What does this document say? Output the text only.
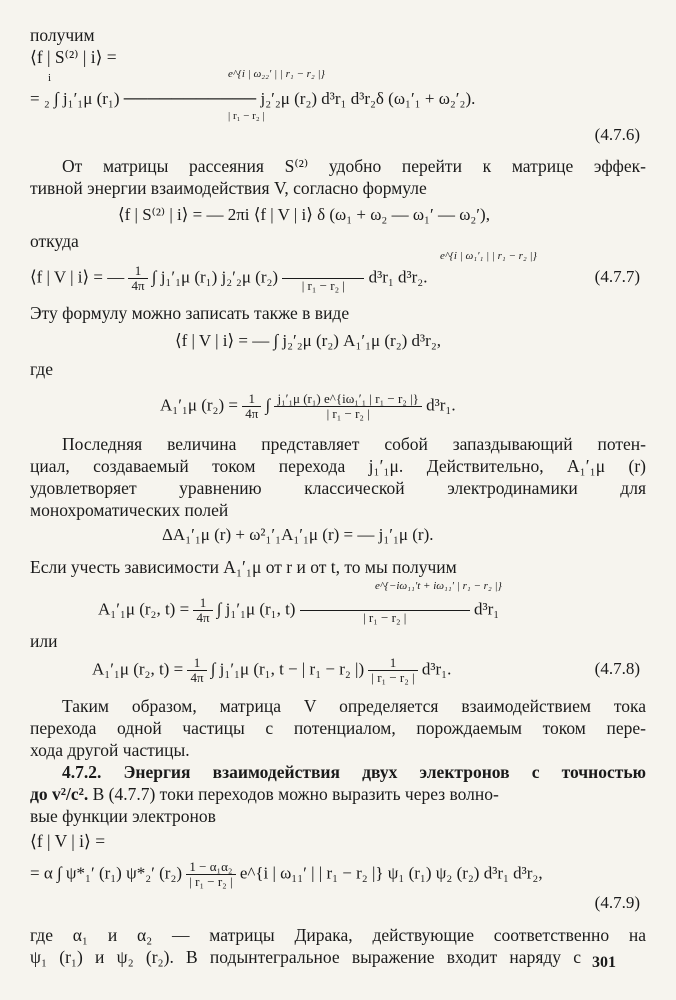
получим
⟨f | S⁽²⁾ | i⟩ =
i	e^{i | ω₂₂′ | | r₁ − r₂ |}
= ₂ ∫ j₁′₁μ (r₁) ─────────── j₂′₂μ (r₂) d³r₁ d³r₂δ (ω₁′₁ + ω₂′₂).
| r₁ − r₂ |
(4.7.6)
От матрицы рассеяния S⁽²⁾ удобно перейти к матрице эффек-
тивной энергии взаимодействия V, согласно формуле
⟨f | S⁽²⁾ | i⟩ = — 2πi ⟨f | V | i⟩ δ (ω₁ + ω₂ — ω₁′ — ω₂′),
откуда
e^{i | ω₁′₁ | | r₁ − r₂ |}
⟨f | V | i⟩ = — $\frac{1}{4\pi}$ ∫ j₁′₁μ (r₁) j₂′₂μ (r₂)
	| r₁ − r₂ |	d³r₁ d³r₂.	(4.7.7)
Эту формулу можно записать также в виде
⟨f | V | i⟩ = — ∫ j₂′₂μ (r₂) A₁′₁μ (r₂) d³r₂,
где
A₁′₁μ $(r_2) = \frac{1}{4\pi}$ ∫ $\frac{\text{j₁′₁μ (r₁) e\textasciicircum{}\{iω₁′₁ | r₁ − r₂ |\}}}{\text{| r₁ − r₂ |}} d^3r_1$.
Последняя величина представляет собой запаздывающий потен-
циал, создаваемый током перехода j₁′₁μ. Действительно, A₁′₁μ (r)
удовлетворяет уравнению классической электродинамики для
монохроматических полей
ΔA₁′₁μ (r) + ω²₁′₁A₁′₁μ (r) = — j₁′₁μ (r).
Если учесть зависимости A₁′₁μ от r и от t, то мы получим
e^{−iω₁₁′t + iω₁₁′ | r₁ − r₂ |}
A₁′₁μ (r₂, $t) = \frac{1}{4\pi}$ ∫ j₁′₁μ (r₁, t)
	| r₁ − r₂ |	d³r₁
или
A₁′₁μ (r₂, $t) = \frac{1}{4\pi}$ ∫ j₁′₁μ (r₁, t − | r₁ − r₂ |) $\frac{1}{\text{| r₁ − r₂ |}} d^3r_1$.	(4.7.8)
Таким образом, матрица V определяется взаимодействием тока
перехода одной частицы с потенциалом, порождаемым током пере-
хода другой частицы.
4.7.2. Энергия взаимодействия двух электронов с точностью
до v²/c². В (4.7.7) токи переходов можно выразить через волно-
вые функции электронов
⟨f | V | i⟩ =
= α ∫ ψ*₁′ (r₁) ψ*₂′ $(r_2) \frac{\text{1 − α₁α₂}}{\text{| r₁ − r₂ |}}$ e^{i | ω₁₁′ | | r₁ − r₂ |} ψ₁ (r₁) ψ₂ (r₂) d³r₁ d³r₂,
(4.7.9)
где α₁ и α₂ — матрицы Дирака, действующие соответственно на
ψ₁ (r₁) и ψ₂ (r₂). В подынтегральное выражение входит наряду с 301
